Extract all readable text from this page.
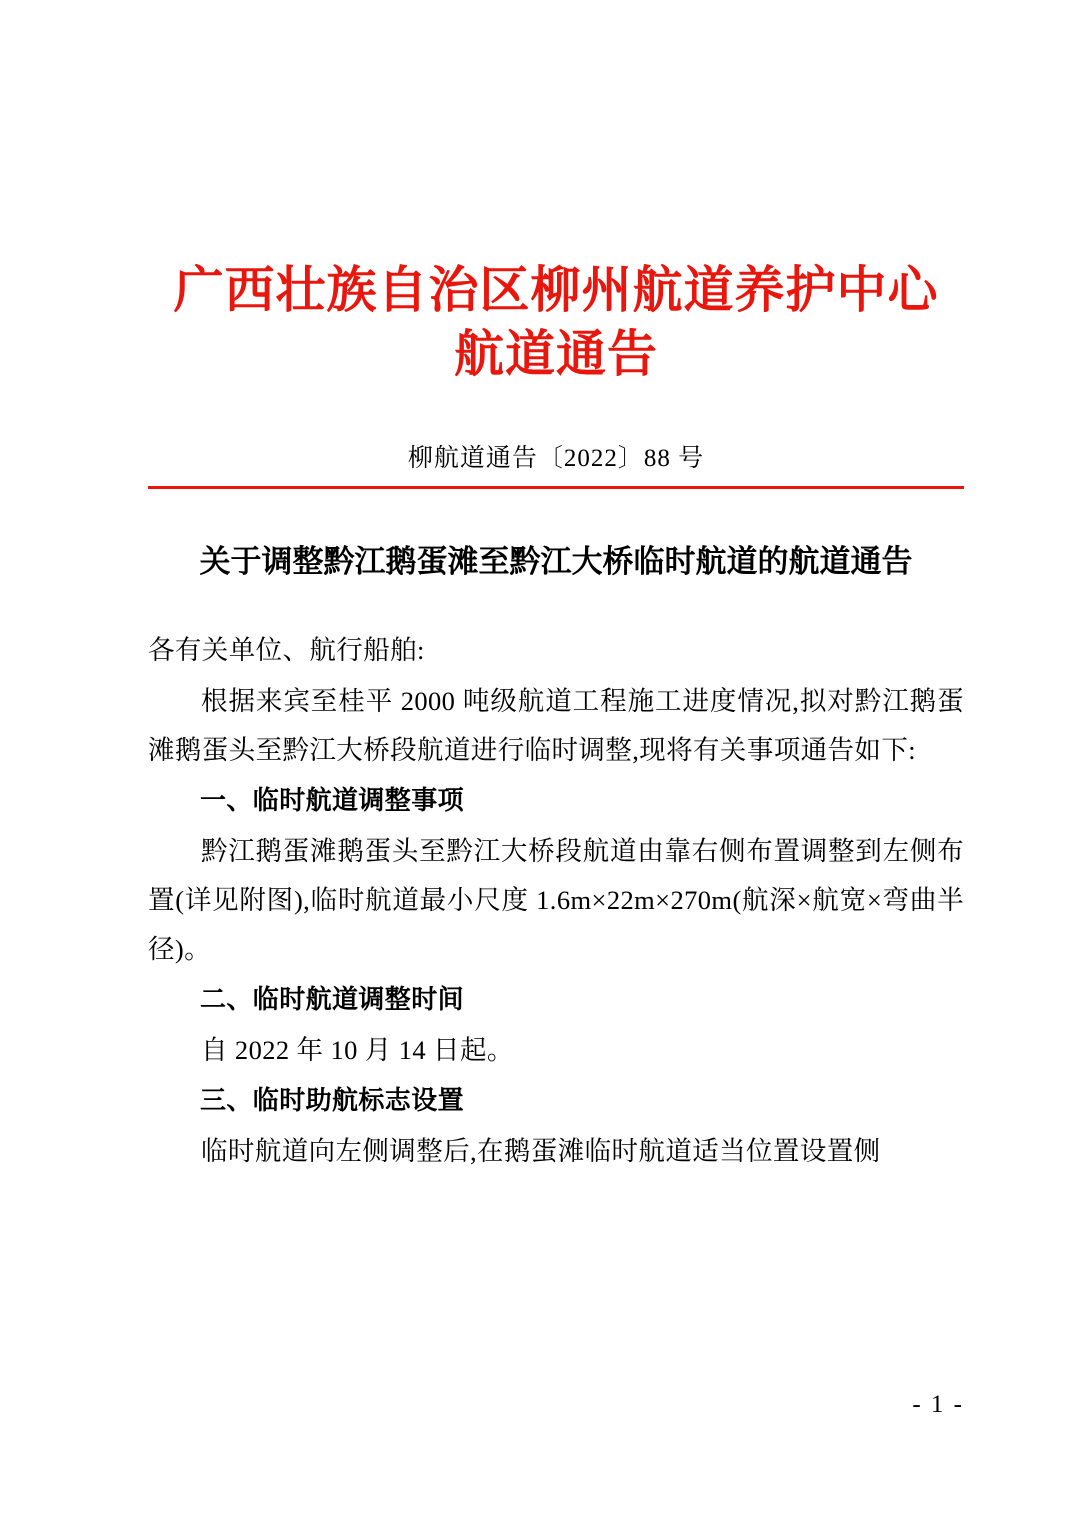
广西壮族自治区柳州航道养护中心
航道通告
柳航道通告〔2022〕88 号
关于调整黔江鹅蛋滩至黔江大桥临时航道的航道通告

各有关单位、航行船舶:

根据来宾至桂平 2000 吨级航道工程施工进度情况,拟对黔江鹅蛋滩鹅蛋头至黔江大桥段航道进行临时调整,现将有关事项通告如下:

一、临时航道调整事项

黔江鹅蛋滩鹅蛋头至黔江大桥段航道由靠右侧布置调整到左侧布置(详见附图),临时航道最小尺度 1.6m×22m×270m(航深×航宽×弯曲半径)。

二、临时航道调整时间

自 2022 年 10 月 14 日起。

三、临时助航标志设置

临时航道向左侧调整后,在鹅蛋滩临时航道适当位置设置侧

- 1 -
